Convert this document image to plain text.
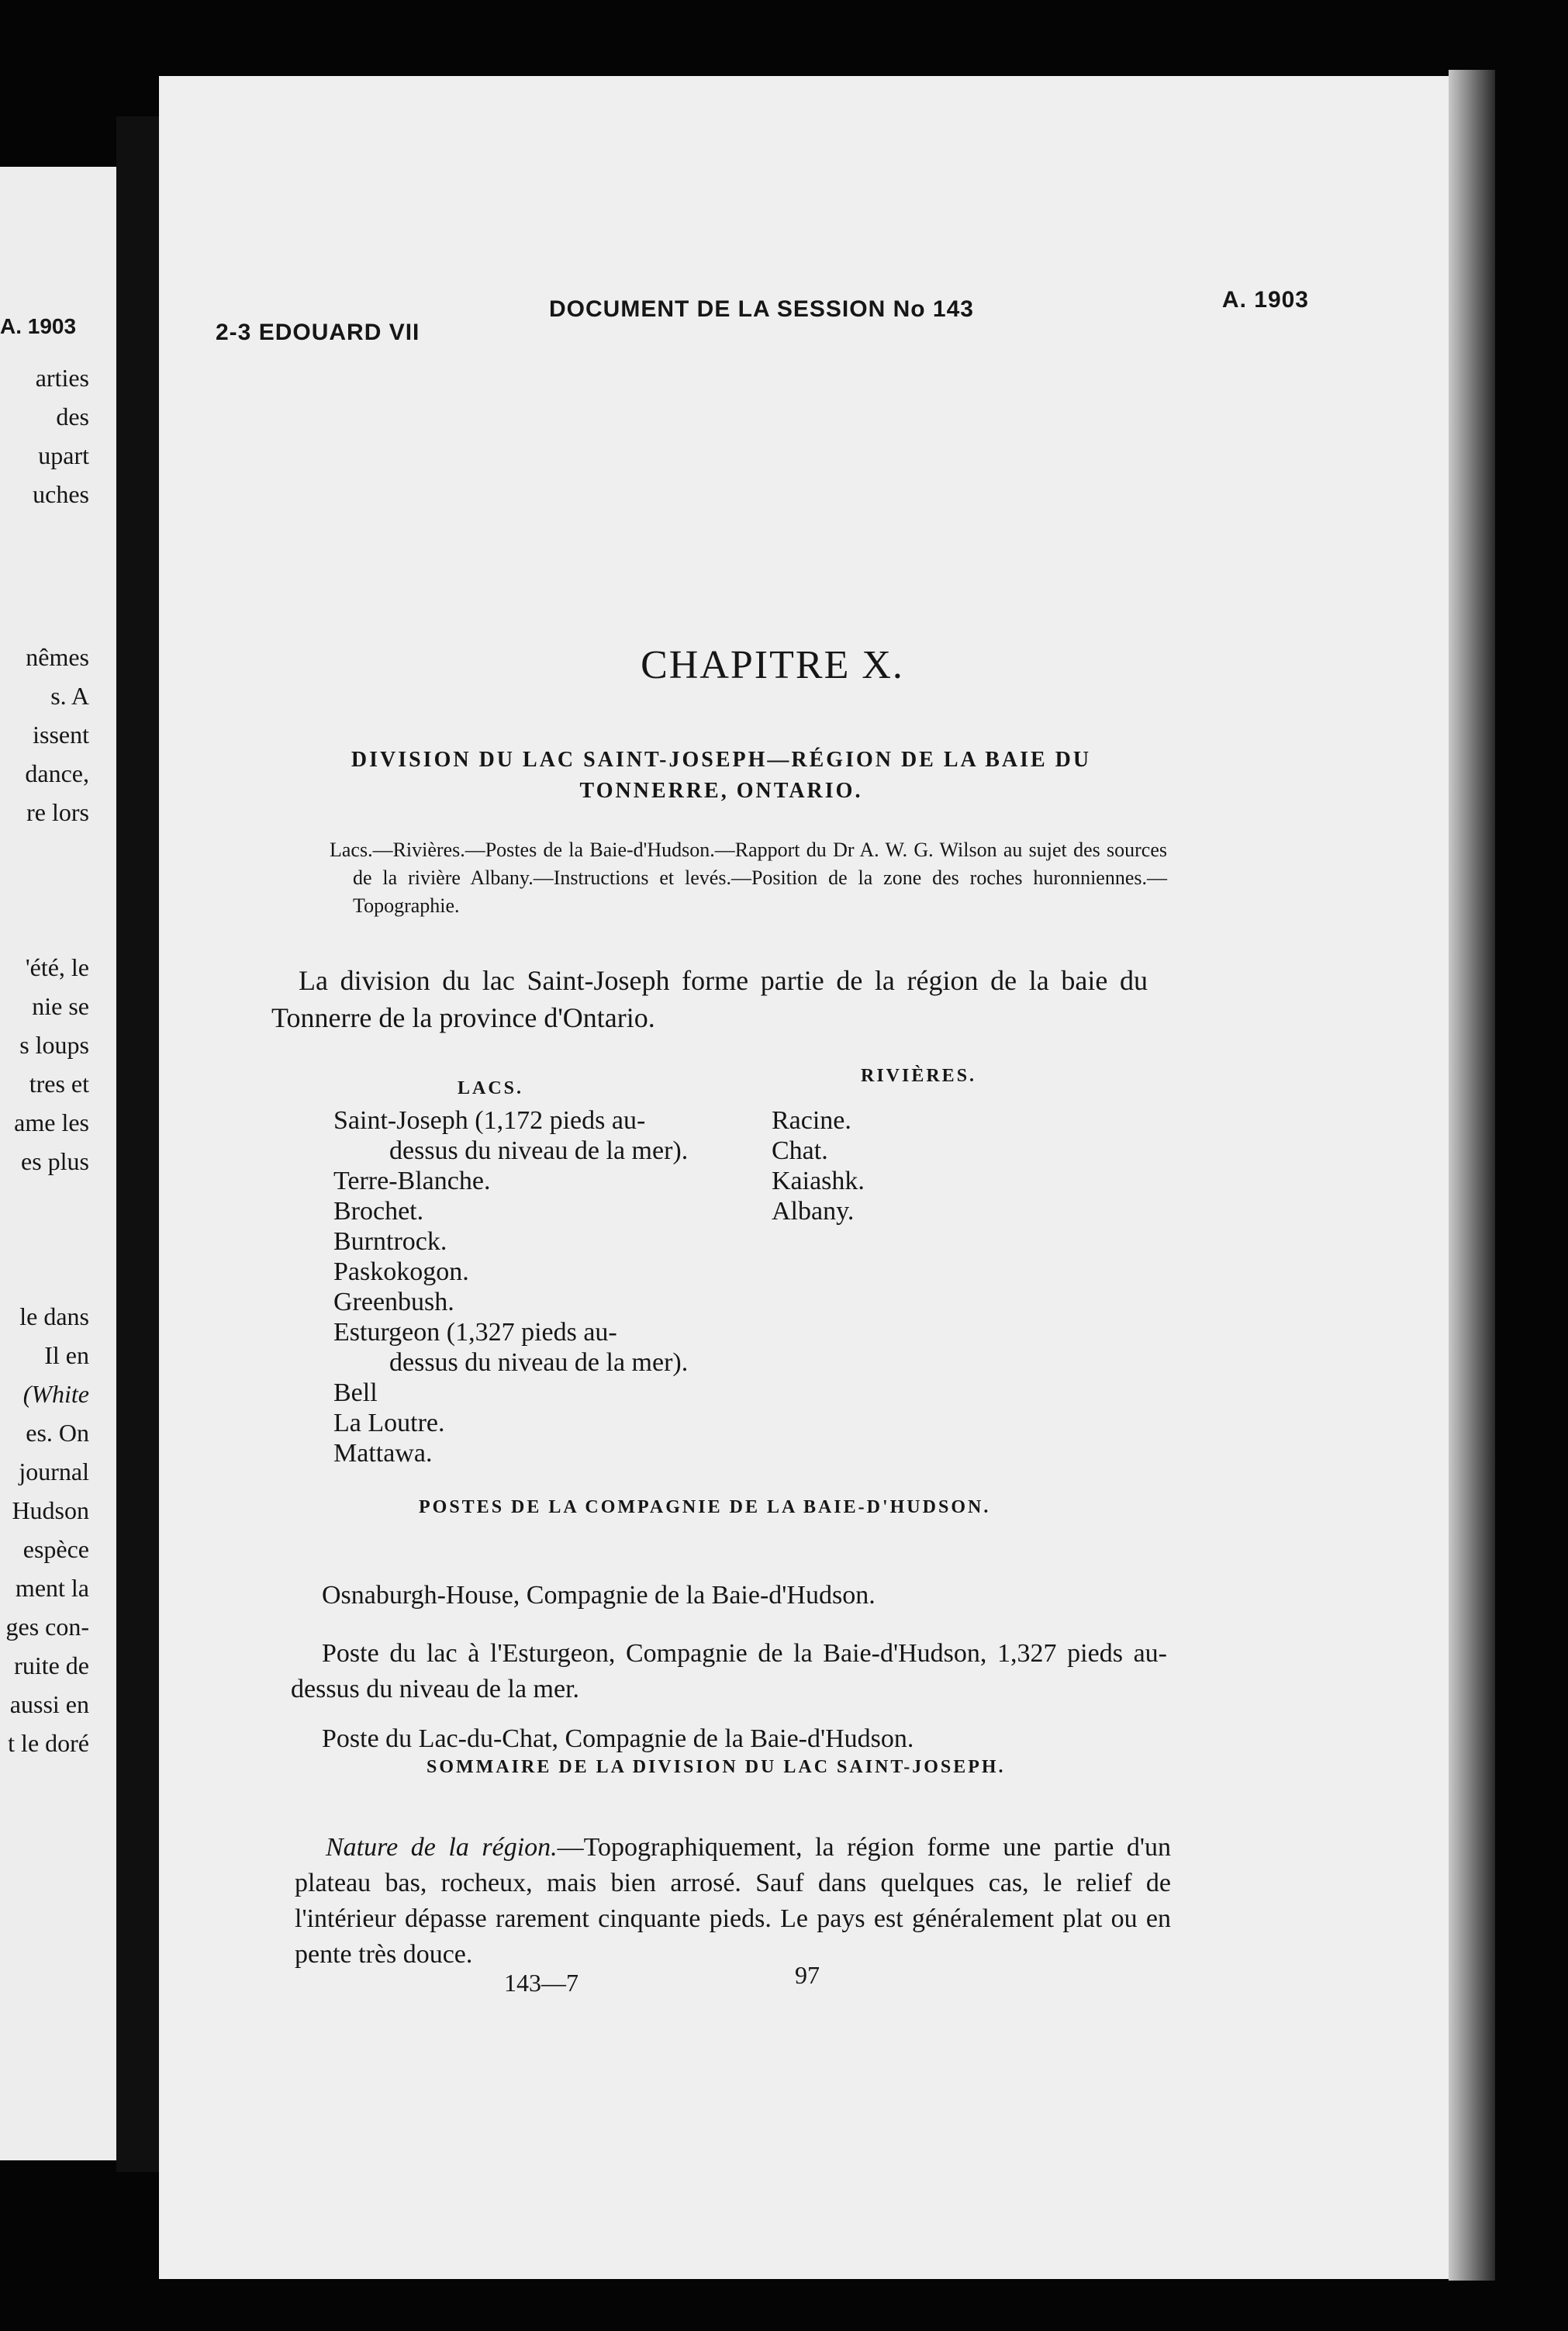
A. 1903
arties
des
upart
uches
nêmes
s. A
issent
dance,
re lors
'été, le
nie se
s loups
tres et
ame les
es plus
le dans
Il en
(White
es. On
journal
Hudson
espèce
ment la
ges con-
ruite de
aussi en
t le doré
2-3 EDOUARD VII
DOCUMENT DE LA SESSION No 143	A. 1903
CHAPITRE X.
DIVISION DU LAC SAINT-JOSEPH—RÉGION DE LA BAIE DU TONNERRE, ONTARIO.
Lacs.—Rivières.—Postes de la Baie-d'Hudson.—Rapport du Dr A. W. G. Wilson au sujet des sources de la rivière Albany.—Instructions et levés.—Position de la zone des roches huronniennes.—Topographie.
La division du lac Saint-Joseph forme partie de la région de la baie du Tonnerre de la province d'Ontario.
LACS.
RIVIÈRES.

Saint-Joseph (1,172 pieds au-

dessus du niveau de la mer).

Terre-Blanche.

Brochet.

Burntrock.

Paskokogon.

Greenbush.

Esturgeon (1,327 pieds au-

dessus du niveau de la mer).

Bell

La Loutre.

Mattawa.

Racine.

Chat.

Kaiashk.

Albany.

POSTES DE LA COMPAGNIE DE LA BAIE-D'HUDSON.

Osnaburgh-House, Compagnie de la Baie-d'Hudson.

Poste du lac à l'Esturgeon, Compagnie de la Baie-d'Hudson, 1,327 pieds au-dessus du niveau de la mer.

Poste du Lac-du-Chat, Compagnie de la Baie-d'Hudson.

SOMMAIRE DE LA DIVISION DU LAC SAINT-JOSEPH.

Nature de la région.—Topographiquement, la région forme une partie d'un plateau bas, rocheux, mais bien arrosé. Sauf dans quelques cas, le relief de l'intérieur dépasse rarement cinquante pieds. Le pays est généralement plat ou en pente très douce.

143—7	97
